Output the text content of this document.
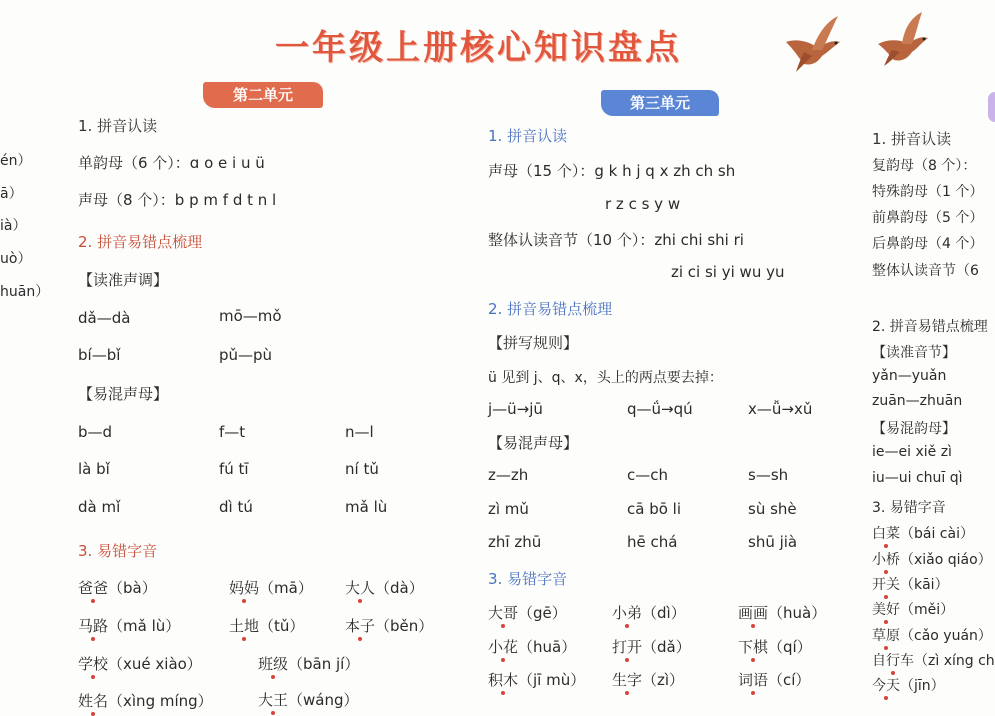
一年级上册核心知识盘点
én）
ā）
ià）
uò）
huān）
第二单元
1. 拼音认读
单韵母（6 个）：ɑ o e i u ü
声母（8 个）：b p m f d t n l
2. 拼音易错点梳理
【读准声调】
dǎ—dà	mō—mǒ
bí—bǐ	pǔ—pù
【易混声母】
b—d	f—t	n—l
là bǐ	fú tī	ní tǔ
dà mǐ	dì tú	mǎ lù
3. 易错字音
爸爸（bà）	妈妈（mā） 大人（dà）
马路（mǎ lù）	土地（tǔ）	本子（běn）
学校（xué xiào）	班级（bān jí）
姓名（xìng míng）	大王（wáng）
第三单元
1. 拼音认读
声母（15 个）：g k h j q x zh ch sh
r z c s y w
整体认读音节（10 个）：zhi chi shi ri
zi ci si yi wu yu
2. 拼音易错点梳理
【拼写规则】
ü 见到 j、q、x，头上的两点要去掉：
j—ü→jū	q—ǘ→qú	x—ǚ→xǔ
【易混声母】
z—zh	c—ch	s—sh
zì mǔ	cā bō li	sù shè
zhī zhū	hē chá	shū jià
3. 易错字音
大哥（gē）	小弟（dì）	画画（huà）
小花（huā） 打开（dǎ）	下棋（qí）
积木（jī mù） 生字（zì）	词语（cí）
1. 拼音认读
复韵母（8 个）：
特殊韵母（1 个）
前鼻韵母（5 个）
后鼻韵母（4 个）
整体认读音节（6
2. 拼音易错点梳理
【读准音节】
yǎn—yuǎn
zuān—zhuān
【易混韵母】
ie—ei xiě zì
iu—ui chuī qì
3. 易错字音
白菜（bái cài）
小桥（xiǎo qiáo）
开关（kāi）
美好（měi）
草原（cǎo yuán）
自行车（zì xíng ch
今天（jīn）
